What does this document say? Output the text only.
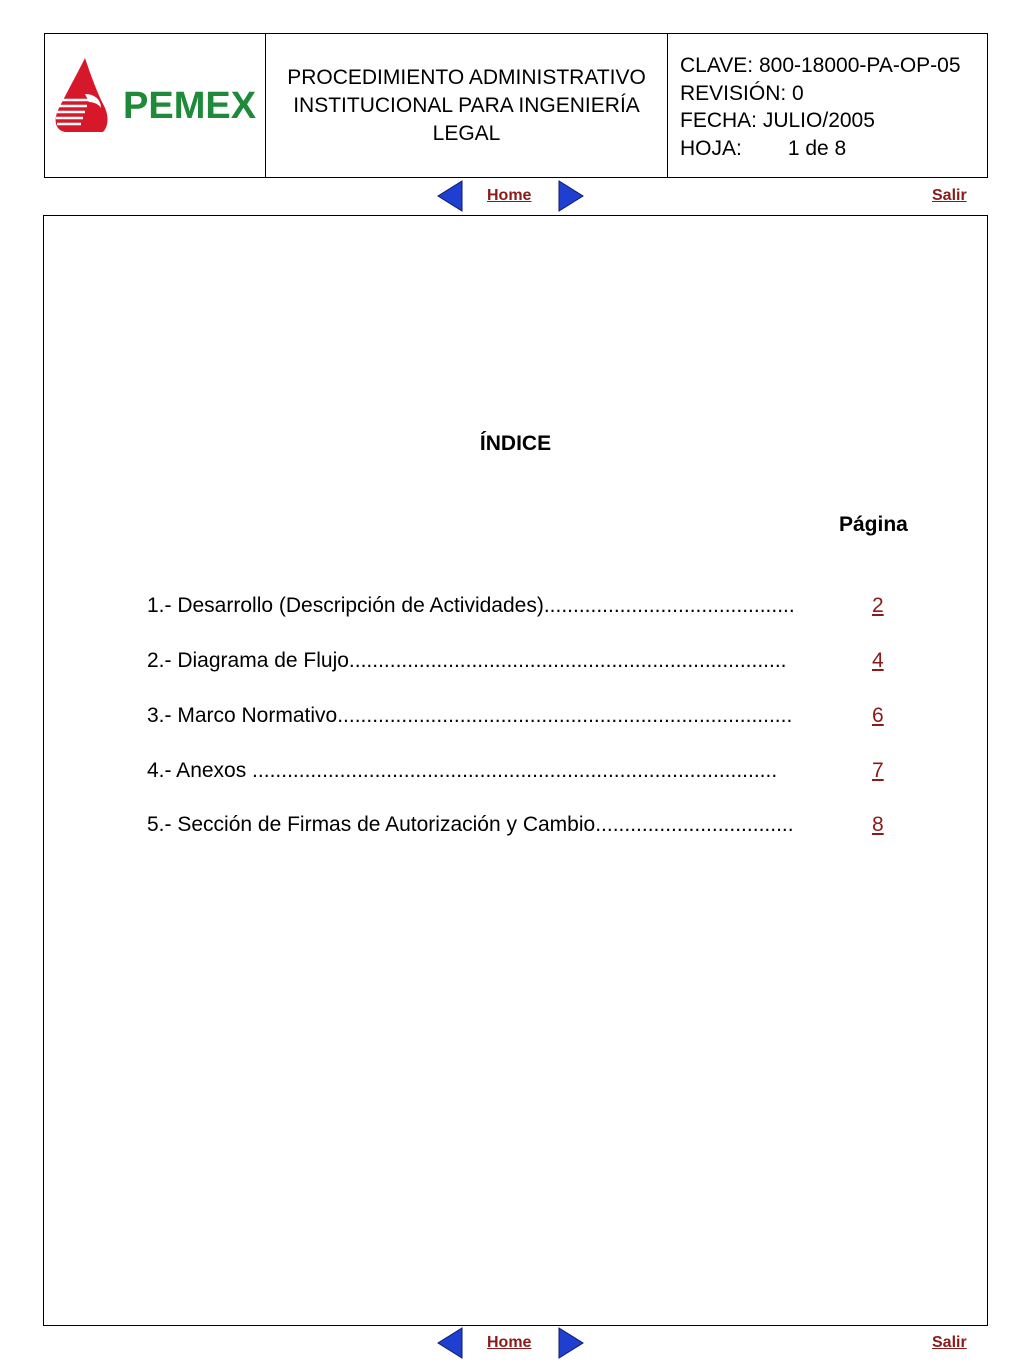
PEMEX
PROCEDIMIENTO ADMINISTRATIVO
INSTITUCIONAL PARA INGENIERÍA
LEGAL
CLAVE: 800-18000-PA-OP-05
REVISIÓN: 0
FECHA: JULIO/2005
HOJA: 1 de 8
Home	Salir
ÍNDICE
Página
1.- Desarrollo (Descripción de Actividades)...........................................	2
2.- Diagrama de Flujo...........................................................................	4
3.- Marco Normativo..............................................................................	6
4.- Anexos ..........................................................................................	7
5.- Sección de Firmas de Autorización y Cambio..................................	8
Home	Salir
